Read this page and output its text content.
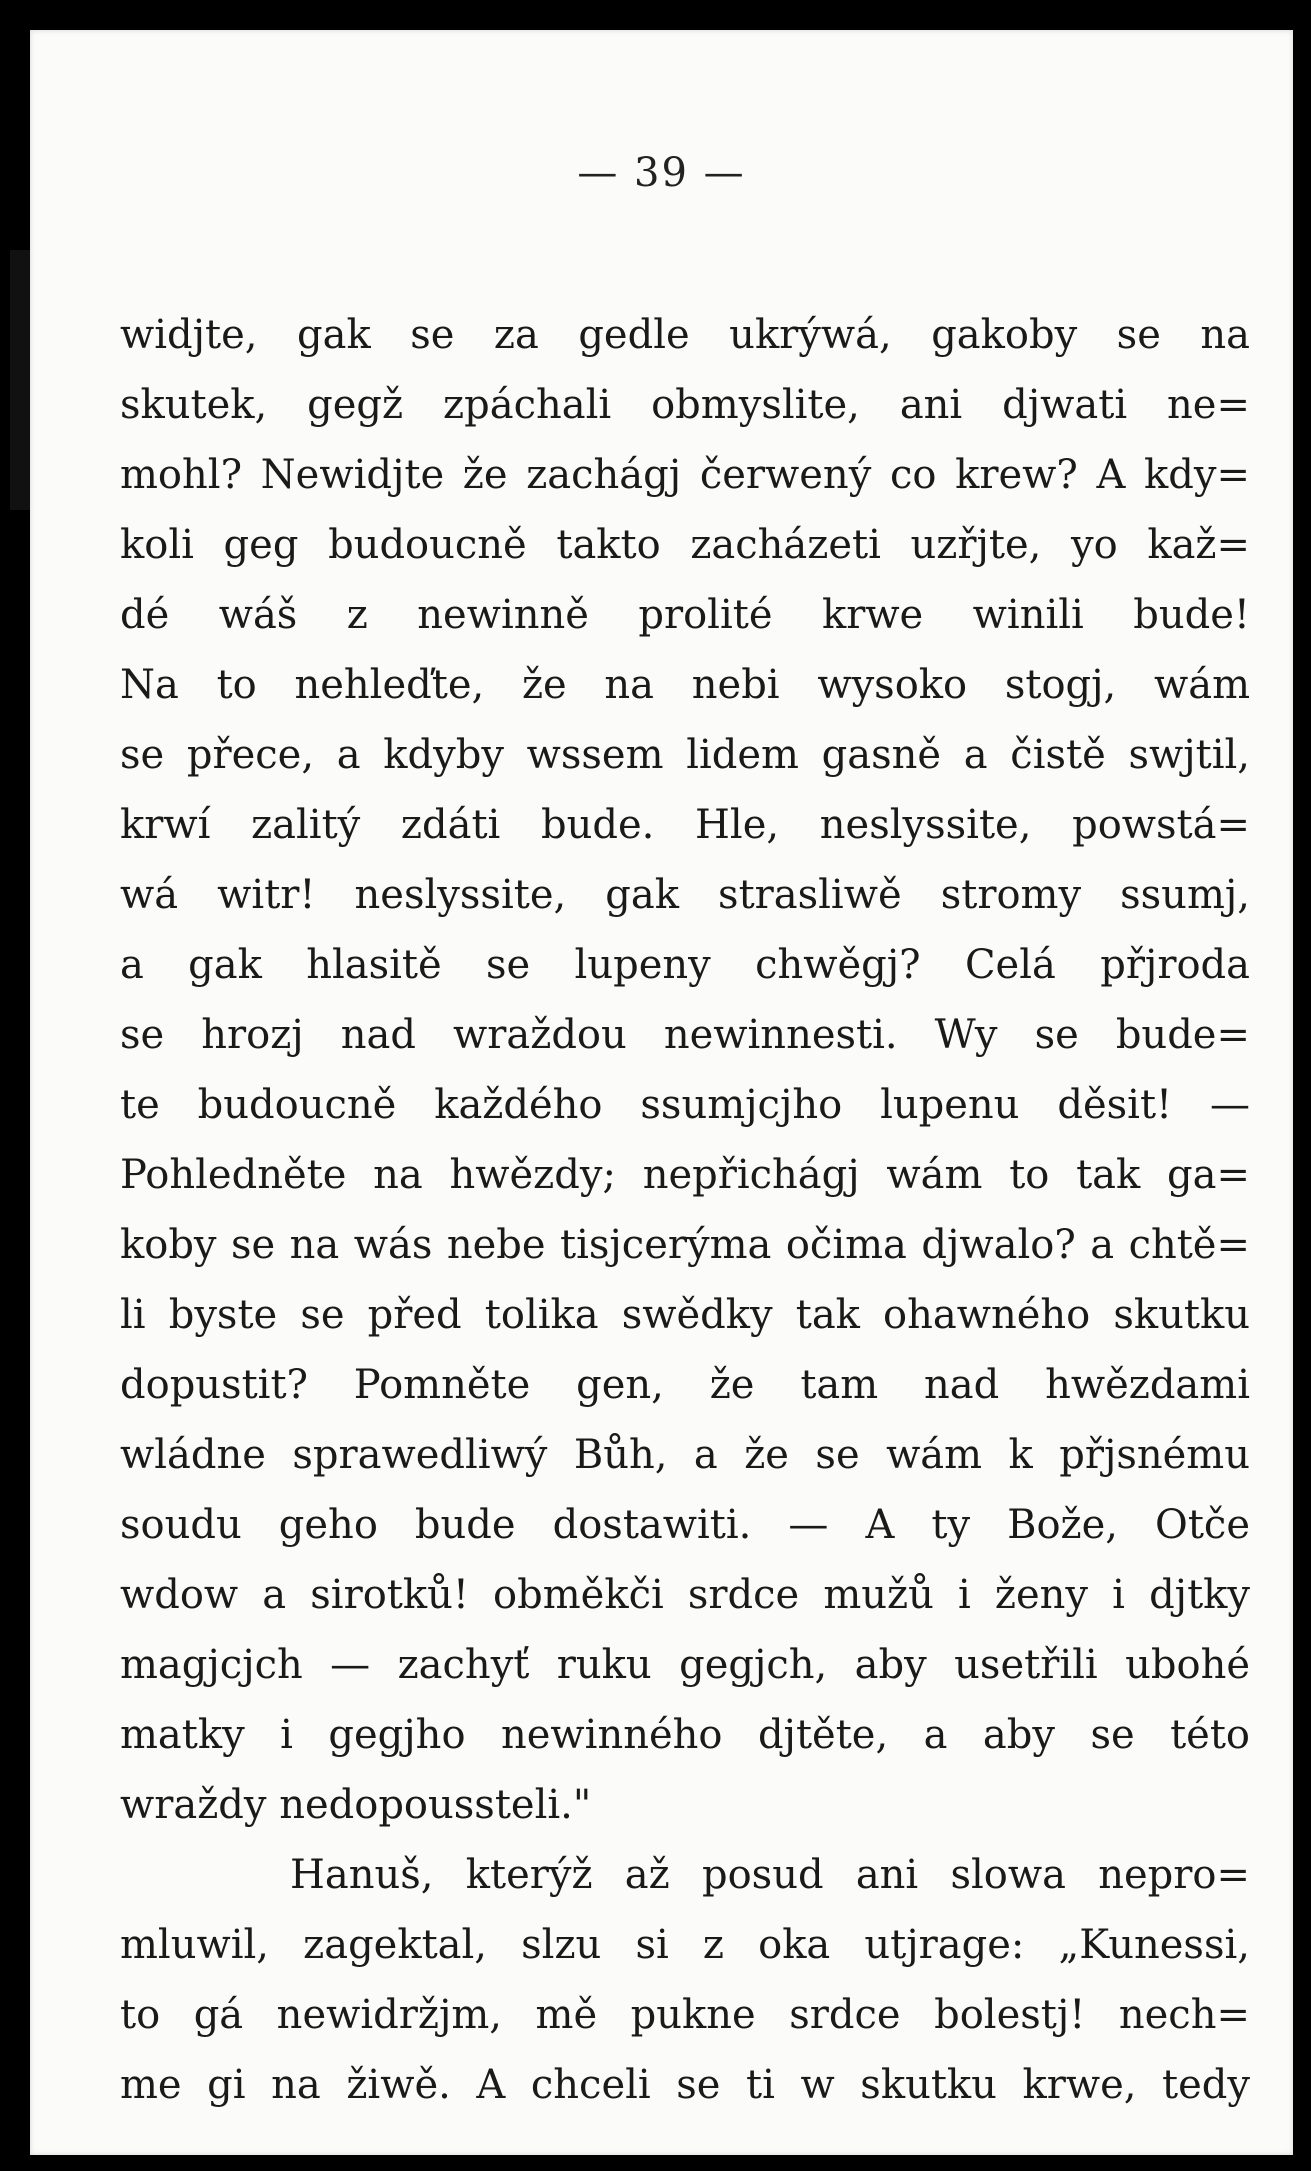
— 39 —
widjte, gak se za gedle ukrýwá, gakoby se na
skutek, gegž zpáchali obmyslite, ani djwati ne=
mohl? Newidjte že zachágj čerwený co krew? A kdy=
koli geg budoucně takto zacházeti uzřjte, yo kaž=
dé wáš z newinně prolité krwe winili bude!
Na to nehleďte, že na nebi wysoko stogj, wám
se přece, a kdyby wssem lidem gasně a čistě swjtil,
krwí zalitý zdáti bude. Hle, neslyssite, powstá=
wá witr! neslyssite, gak strasliwě stromy ssumj,
a gak hlasitě se lupeny chwěgj? Celá přjroda
se hrozj nad wraždou newinnesti. Wy se bude=
te budoucně každého ssumjcjho lupenu děsit! —
Pohledněte na hwězdy; nepřichágj wám to tak ga=
koby se na wás nebe tisjcerýma očima djwalo? a chtě=
li byste se před tolika swědky tak ohawného skutku
dopustit? Pomněte gen, že tam nad hwězdami
wládne sprawedliwý Bůh, a že se wám k přjsnému
soudu geho bude dostawiti. — A ty Bože, Otče
wdow a sirotků! obměkči srdce mužů i ženy i djtky
magjcjch — zachyť ruku gegjch, aby usetřili ubohé
matky i gegjho newinného djtěte, a aby se této
wraždy nedopoussteli."
Hanuš, kterýž až posud ani slowa nepro=
mluwil, zagektal, slzu si z oka utjrage: „Kunessi,
to gá newidržjm, mě pukne srdce bolestj! nech=
me gi na žiwě. A chceli se ti w skutku krwe, tedy
